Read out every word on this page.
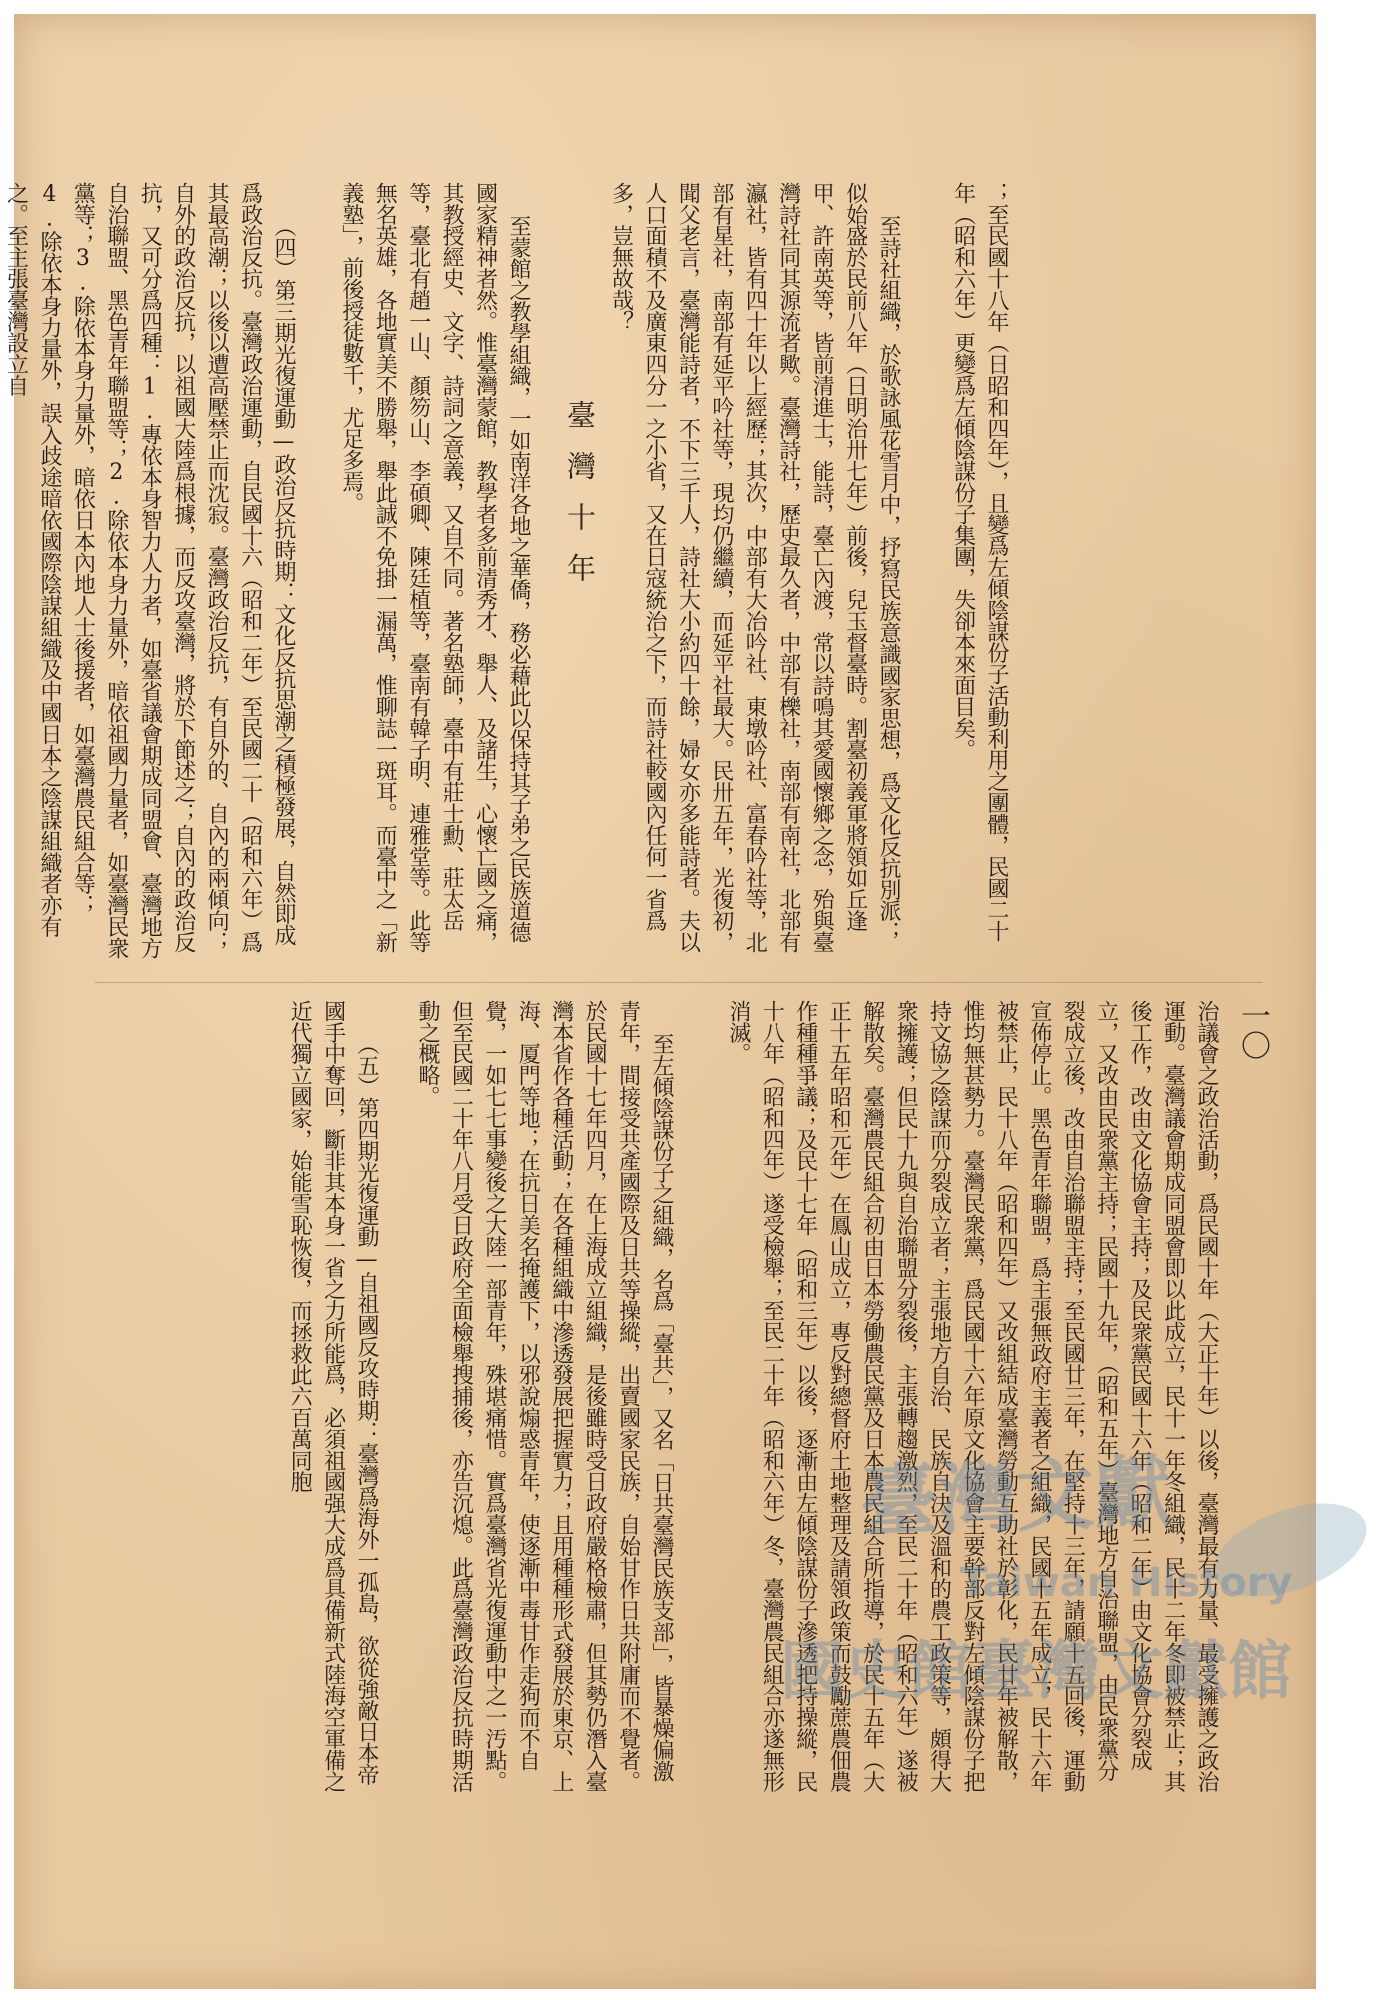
臺灣十年	；至民國十八年（日昭和四年），且變爲左傾陰謀份子活動利用之團體，民國二十年（昭和六年）更變爲左傾陰謀份子集團，失卻本來面目矣。
至詩社組織，於歌詠風花雪月中，抒寫民族意識國家思想，爲文化反抗別派；似始盛於民前八年（日明治卅七年）前後，兒玉督臺時。割臺初義軍將領如丘逢甲、許南英等，皆前清進士，能詩，臺亡內渡，常以詩鳴其愛國懷鄉之念，殆與臺灣詩社同其源流者歟。臺灣詩社，歷史最久者，中部有櫟社，南部有南社，北部有瀛社，皆有四十年以上經歷；其次，中部有大冶吟社、東墩吟社、富春吟社等，北部有星社，南部有延平吟社等，現均仍繼續，而延平社最大。民卅五年，光復初，聞父老言，臺灣能詩者，不下三千人，詩社大小約四十餘，婦女亦多能詩者。夫以人口面積不及廣東四分一之小省，又在日寇統治之下，而詩社較國內任何一省爲多，豈無故哉？
至蒙館之教學組織，一如南洋各地之華僑，務必藉此以保持其子弟之民族道德國家精神者然。惟臺灣蒙館，教學者多前清秀才、舉人、及諸生，心懷亡國之痛，其教授經史、文字、詩詞之意義，又自不同。著名塾師，臺中有莊士勳、莊太岳等，臺北有趙一山、顏笏山、李碩卿、陳廷植等，臺南有韓子明、連雅堂等。此等無名英雄，各地實美不勝舉，舉此誠不免掛一漏萬，惟聊誌一斑耳。而臺中之「新義塾」，前後授徒數千，尤足多焉。
（四）第三期光復運動—政治反抗時期：文化反抗思潮之積極發展，自然即成爲政治反抗。臺灣政治運動，自民國十六（昭和二年）至民國二十（昭和六年）爲其最高潮；以後以遭高壓禁止而沈寂。臺灣政治反抗，有自外的、自內的兩傾向；自外的政治反抗，以祖國大陸爲根據，而反攻臺灣，將於下節述之；自內的政治反抗，又可分爲四種：1.專依本身智力人力者，如臺省議會期成同盟會、臺灣地方自治聯盟、黑色青年聯盟等；2.除依本身力量外，暗依祖國力量者，如臺灣民衆黨等；3.除依本身力量外，暗依日本內地人士後援者，如臺灣農民組合等；4.除依本身力量外，誤入歧途暗依國際陰謀組織及中國日本之陰謀組織者亦有之。至主張臺灣設立自
一〇
治議會之政治活動，爲民國十年（大正十年）以後，臺灣最有力量、最受擁護之政治運動。臺灣議會期成同盟會即以此成立，民十一年冬組織，民十二年冬即被禁止；其後工作，改由文化協會主持；及民衆黨民國十六年（昭和二年）由文化協會分裂成立，又改由民衆黨主持；民國十九年，（昭和五年）臺灣地方自治聯盟，由民衆黨分裂成立後，改由自治聯盟主持；至民國廿三年，在堅持十三年，請願十五回後，運動宣佈停止。黑色青年聯盟，爲主張無政府主義者之組織，民國十五年成立，民十六年被禁止，民十八年（昭和四年）又改組結成臺灣勞動互助社於彰化，民廿年被解散，惟均無甚勢力。臺灣民衆黨，爲民國十六年原文化協會主要幹部反對左傾陰謀份子把持文協之陰謀而分裂成立者；主張地方自治、民族自決及溫和的農工政策等，頗得大衆擁護；但民十九與自治聯盟分裂後，主張轉趨激烈，至民二十年（昭和六年）遂被解散矣。臺灣農民組合初由日本勞働農民黨及日本農民組合所指導，於民十五年（大正十五年昭和元年）在鳳山成立，專反對總督府土地整理及請領政策而鼓勵蔗農佃農作種種爭議；及民十七年（昭和三年）以後，逐漸由左傾陰謀份子滲透把持操縱，民十八年（昭和四年）遂受檢舉；至民二十年（昭和六年）冬，臺灣農民組合亦遂無形消滅。
至左傾陰謀份子之組織，名爲「臺共」，又名「日共臺灣民族支部」，皆暴燥偏激青年，間接受共產國際及日共等操縱，出賣國家民族，自始甘作日共附庸而不覺者。於民國十七年四月，在上海成立組織，是後雖時受日政府嚴格檢肅，但其勢仍潛入臺灣本省作各種活動；在各種組織中滲透發展把握實力；且用種種形式發展於東京、上海、厦門等地；在抗日美名掩護下，以邪說煽惑青年，使逐漸中毒甘作走狗而不自覺，一如七七事變後之大陸一部青年，殊堪痛惜。實爲臺灣省光復運動中之一汚點。但至民國二十年八月受日政府全面檢舉搜捕後，亦告沉熄。此爲臺灣政治反抗時期活動之概略。
（五）第四期光復運動—自祖國反攻時期：臺灣爲海外一孤島，欲從強敵日本帝國手中奪回，斷非其本身一省之力所能爲，必須祖國强大成爲具備新式陸海空軍備之近代獨立國家，始能雪恥恢復，而拯救此六百萬同胞
臺灣文獻
Taiwan History
國史館臺灣文獻館
